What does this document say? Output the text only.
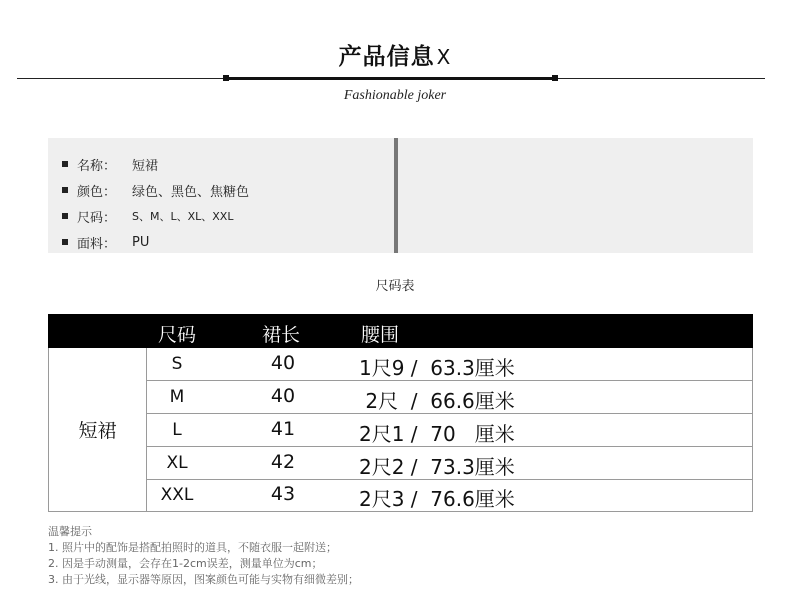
产品信息 X
Fashionable joker
名称：	短裙
颜色：	绿色、黑色、焦糖色
尺码：	S、M、L、XL、XXL
面料：	PU
尺码表
尺码	裙长	腰围
短裙
S	40	1尺9 /  63.3厘米
M	40	2尺  /  66.6厘米
L	41	2尺1 /  70   厘米
XL	42	2尺2 /  73.3厘米
XXL	43	2尺3 /  76.6厘米
温馨提示
1. 照片中的配饰是搭配拍照时的道具，不随衣服一起附送；
2. 因是手动测量，会存在1-2cm误差，测量单位为cm；
3. 由于光线，显示器等原因，图案颜色可能与实物有细微差别；
